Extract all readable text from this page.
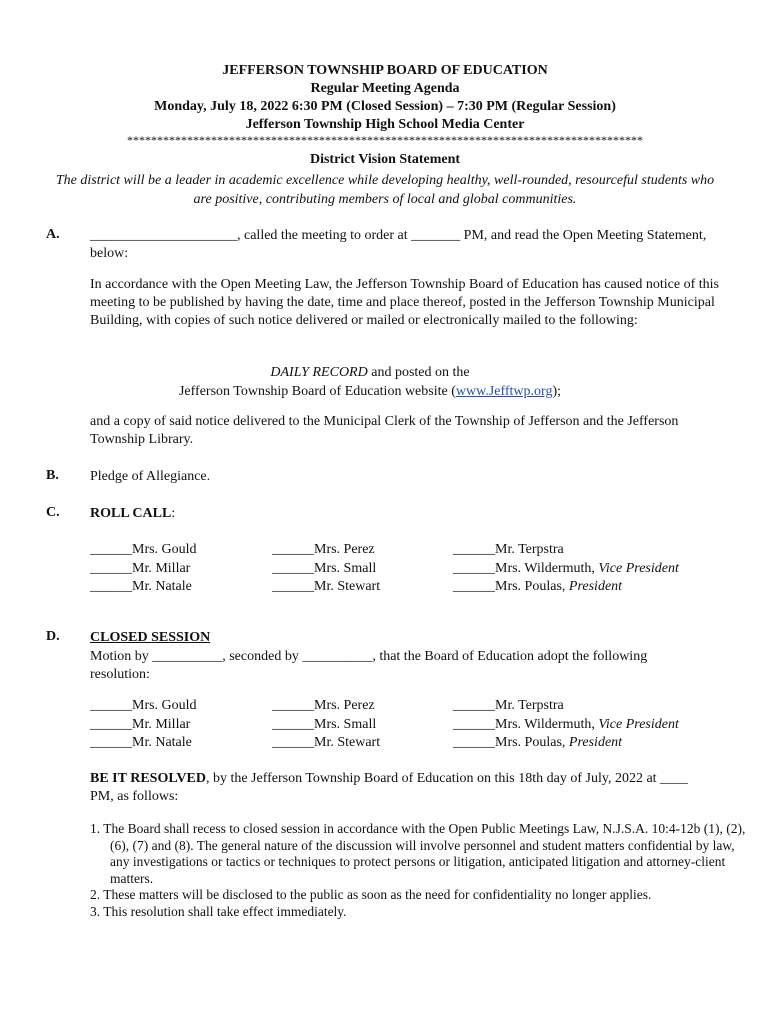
JEFFERSON TOWNSHIP BOARD OF EDUCATION
Regular Meeting Agenda
Monday, July 18, 2022 6:30 PM (Closed Session) – 7:30 PM (Regular Session)
Jefferson Township High School Media Center
**************************************************************************************
District Vision Statement
The district will be a leader in academic excellence while developing healthy, well-rounded, resourceful students who are positive, contributing members of local and global communities.
A. _____________________, called the meeting to order at _______ PM, and read the Open Meeting Statement, below:
In accordance with the Open Meeting Law, the Jefferson Township Board of Education has caused notice of this meeting to be published by having the date, time and place thereof, posted in the Jefferson Township Municipal Building, with copies of such notice delivered or mailed or electronically mailed to the following:
DAILY RECORD and posted on the
Jefferson Township Board of Education website (www.Jefftwp.org);
and a copy of said notice delivered to the Municipal Clerk of the Township of Jefferson and the Jefferson Township Library.
B. Pledge of Allegiance.
C. ROLL CALL:
______Mrs. Gould
______Mr. Millar
______Mr. Natale
______Mrs. Perez
______Mrs. Small
______Mr. Stewart
______Mr. Terpstra
______Mrs. Wildermuth, Vice President
______Mrs. Poulas, President
D. CLOSED SESSION
Motion by __________, seconded by __________, that the Board of Education adopt the following resolution:
______Mrs. Gould
______Mr. Millar
______Mr. Natale
______Mrs. Perez
______Mrs. Small
______Mr. Stewart
______Mr. Terpstra
______Mrs. Wildermuth, Vice President
______Mrs. Poulas, President
BE IT RESOLVED, by the Jefferson Township Board of Education on this 18th day of July, 2022 at ____ PM, as follows:
1. The Board shall recess to closed session in accordance with the Open Public Meetings Law, N.J.S.A. 10:4-12b (1), (2), (6), (7) and (8). The general nature of the discussion will involve personnel and student matters confidential by law, any investigations or tactics or techniques to protect persons or litigation, anticipated litigation and attorney-client matters.
2. These matters will be disclosed to the public as soon as the need for confidentiality no longer applies.
3. This resolution shall take effect immediately.
